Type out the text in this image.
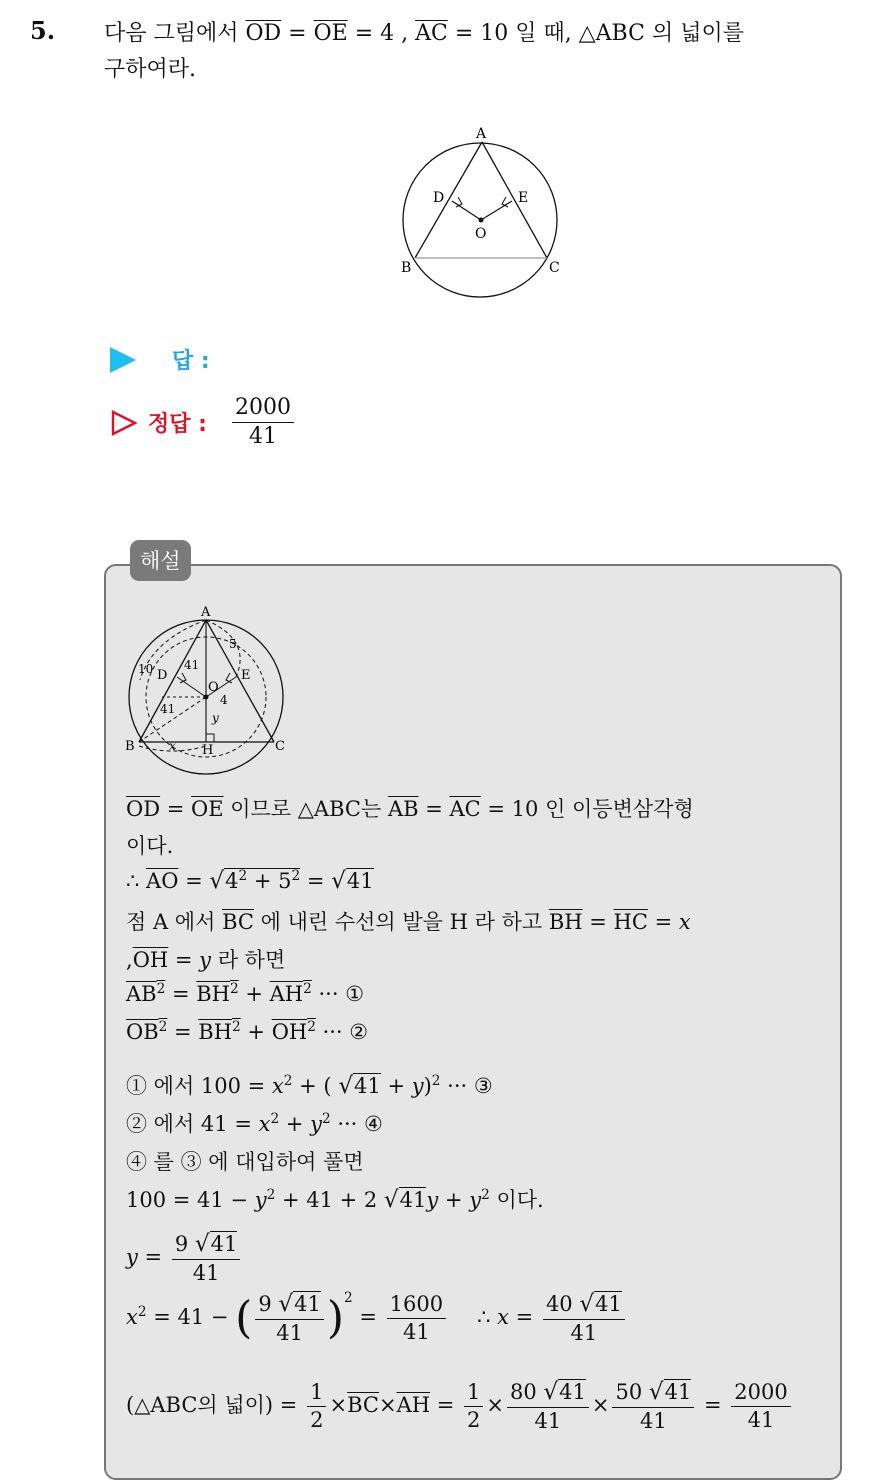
5. 다음 그림에서 $\overline{OD} = \overline{OE} = 4$ , $\overline{AC} = 10$ 일 때, △ABC 의 넓이를
구하여라.
A
B	C
D	E
O
답 :
정답 : $\frac{2000}{41}$
해설
A
B	C
D	E
O
H
5
10
4
x
y
41
41
$\overline{OD} = \overline{OE}$ 이므로 △ABC는 $\overline{AB} = \overline{AC} = 10$ 인 이등변삼각형
이다.
∴ $\overline{AO} = √4^2 + 5^2 = √41$
점 A 에서 $\overline{BC}$ 에 내린 수선의 발을 H 라 하고 $\overline{BH} = \overline{HC} = x$
$,\overline{OH} = y$ 라 하면
$AB^2 = BH^2 + AH^2$ ··· ①
$OB^2 = BH^2 + OH^2$ ··· ②
① 에서 $100 = x^2$ + ( √41 + y)$^2$ ··· ③
② 에서 $41 = x^2 + y^2$ ··· ④
④ 를 ③ 에 대입하여 풀면
$100 = 41 - y^2 + 41 + 2$ $√41y + y^2$ 이다.
$y = \frac{9 √41}{41}$
$x^2 = 41$ − ( $\frac{9 √41}{41} )^2 = \frac{1600}{41}$ ∴ $x = \frac{40 √41}{41}$
(△ABC의 넓이) = $\frac{1}{2} \times\overline{BC}\times\overline{AH} = \frac{1}{2} \times \frac{80 √41}{41} \times \frac{50 √41}{41} = \frac{2000}{41}$
